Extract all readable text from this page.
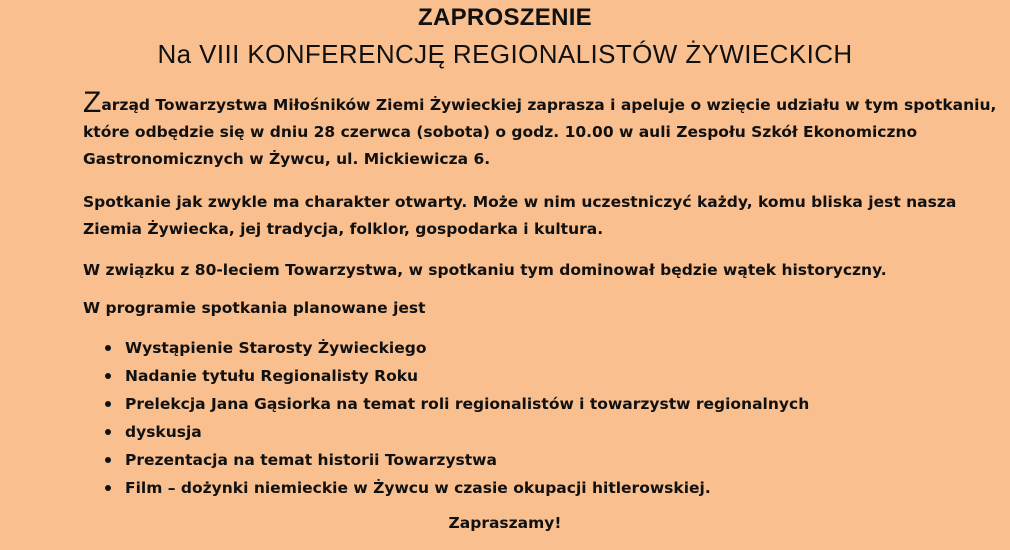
ZAPROSZENIE
Na VIII KONFERENCJĘ REGIONALISTÓW ŻYWIECKICH

Zarząd Towarzystwa Miłośników Ziemi Żywieckiej zaprasza i apeluje o wzięcie udziału w tym spotkaniu,
które odbędzie się w dniu 28 czerwca (sobota) o godz. 10.00 w auli Zespołu Szkół Ekonomiczno
Gastronomicznych w Żywcu, ul. Mickiewicza 6.

Spotkanie jak zwykle ma charakter otwarty. Może w nim uczestniczyć każdy, komu bliska jest nasza
Ziemia Żywiecka, jej tradycja, folklor, gospodarka i kultura.

W związku z 80-leciem Towarzystwa, w spotkaniu tym dominował będzie wątek historyczny.

W programie spotkania planowane jest

Wystąpienie Starosty Żywieckiego
Nadanie tytułu Regionalisty Roku
Prelekcja Jana Gąsiorka na temat roli regionalistów i towarzystw regionalnych
dyskusja
Prezentacja na temat historii Towarzystwa
Film – dożynki niemieckie w Żywcu w czasie okupacji hitlerowskiej.

Zapraszamy!
